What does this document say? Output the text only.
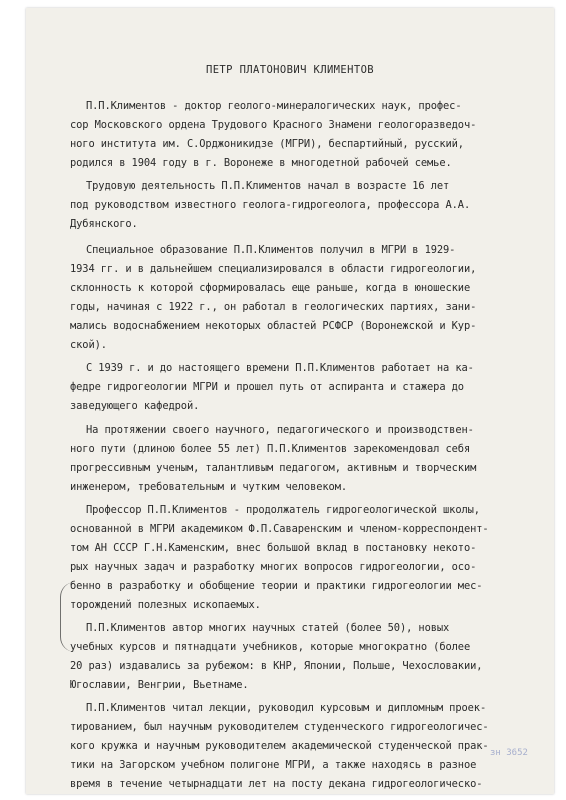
ПЕТР ПЛАТОНОВИЧ КЛИМЕНТОВ
П.П.Климентов - доктор геолого-минералогических наук, профес-
сор Московского ордена Трудового Красного Знамени геологоразведоч-
ного института им. С.Орджоникидзе (МГРИ), беспартийный, русский,
родился в 1904 году в г. Воронеже в многодетной рабочей семье.
Трудовую деятельность П.П.Климентов начал в возрасте 16 лет
под руководством известного геолога-гидрогеолога, профессора А.А.
Дубянского.
Специальное образование П.П.Климентов получил в МГРИ в 1929-
1934 гг. и в дальнейшем специализировался в области гидрогеологии,
склонность к которой сформировалась еще раньше, когда в юношеские
годы, начиная с 1922 г., он работал в геологических партиях, зани-
мались водоснабжением некоторых областей РСФСР (Воронежской и Кур-
ской).
С 1939 г. и до настоящего времени П.П.Климентов работает на ка-
федре гидрогеологии МГРИ и прошел путь от аспиранта и стажера до
заведующего кафедрой.
На протяжении своего научного, педагогического и производствен-
ного пути (длиною более 55 лет) П.П.Климентов зарекомендовал себя
прогрессивным ученым, талантливым педагогом, активным и творческим
инженером, требовательным и чутким человеком.
Профессор П.П.Климентов - продолжатель гидрогеологической школы,
основанной в МГРИ академиком Ф.П.Саваренским и членом-корреспондент-
том АН СССР Г.Н.Каменским, внес большой вклад в постановку некото-
рых научных задач и разработку многих вопросов гидрогеологии, осо-
бенно в разработку и обобщение теории и практики гидрогеологии мес-
торождений полезных ископаемых.
П.П.Климентов автор многих научных статей (более 50), новых
учебных курсов и пятнадцати учебников, которые многократно (более
20 раз) издавались за рубежом: в КНР, Японии, Польше, Чехословакии,
Югославии, Венгрии, Вьетнаме.
П.П.Климентов читал лекции, руководил курсовым и дипломным проек-
тированием, был научным руководителем студенческого гидрогеологичес-
кого кружка и научным руководителем академической студенческой прак-
тики на Загорском учебном полигоне МГРИ, а также находясь в разное
время в течение четырнадцати лет на посту декана гидрогеологическо-
зн 3652
